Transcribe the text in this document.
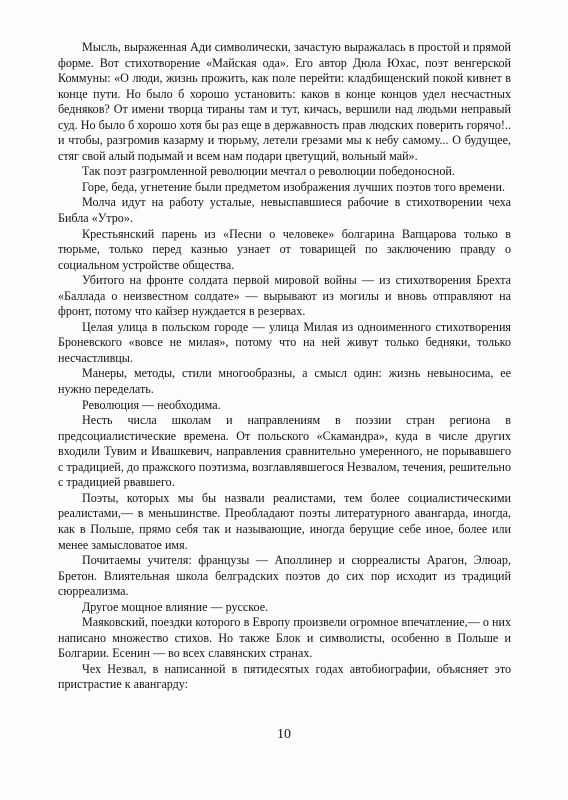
Мысль, выраженная Ади символически, зачастую выражалась в простой и прямой форме. Вот стихотворение «Майская ода». Его автор Дюла Юхас, поэт венгерской Коммуны: «О люди, жизнь прожить, как поле перейти: кладбищенский покой кивнет в конце пути. Но было б хорошо установить: каков в конце концов удел несчастных бедняков? От имени творца тираны там и тут, кичась, вершили над людьми неправый суд. Но было б хорошо хотя бы раз еще в державность прав людских поверить горячо!.. и чтобы, разгромив казарму и тюрьму, летели грезами мы к небу самому... О будущее, стяг свой алый подымай и всем нам подари цветущий, вольный май».

Так поэт разгромленной революции мечтал о революции победоносной.

Горе, беда, угнетение были предметом изображения лучших поэтов того времени.

Молча идут на работу усталые, невыспавшиеся рабочие в стихотворении чеха Библа «Утро».

Крестьянский парень из «Песни о человеке» болгарина Вапцарова только в тюрьме, только перед казнью узнает от товарищей по заключению правду о социальном устройстве общества.

Убитого на фронте солдата первой мировой войны — из стихотворения Брехта «Баллада о неизвестном солдате» — вырывают из могилы и вновь отправляют на фронт, потому что кайзер нуждается в резервах.

Целая улица в польском городе — улица Милая из одноименного стихотворения Броневского «вовсе не милая», потому что на ней живут только бедняки, только несчастливцы.

Манеры, методы, стили многообразны, а смысл один: жизнь невыносима, ее нужно переделать.

Революция — необходима.

Несть числа школам и направлениям в поэзии стран региона в предсоциалистические времена. От польского «Скамандра», куда в числе других входили Тувим и Ивашкевич, направления сравнительно умеренного, не порывавшего с традицией, до пражского поэтизма, возглавлявшегося Незвалом, течения, решительно с традицией рвавшего.

Поэты, которых мы бы назвали реалистами, тем более социалистическими реалистами,— в меньшинстве. Преобладают поэты литературного авангарда, иногда, как в Польше, прямо себя так и называющие, иногда берущие себе иное, более или менее замысловатое имя.

Почитаемы учителя: французы — Аполлинер и сюрреалисты Арагон, Элюар, Бретон. Влиятельная школа белградских поэтов до сих пор исходит из традиций сюрреализма.

Другое мощное влияние — русское.

Маяковский, поездки которого в Европу произвели огромное впечатление,— о них написано множество стихов. Но также Блок и символисты, особенно в Польше и Болгарии. Есенин — во всех славянских странах.

Чех Незвал, в написанной в пятидесятых годах автобиографии, объясняет это пристрастие к авангарду:

10
